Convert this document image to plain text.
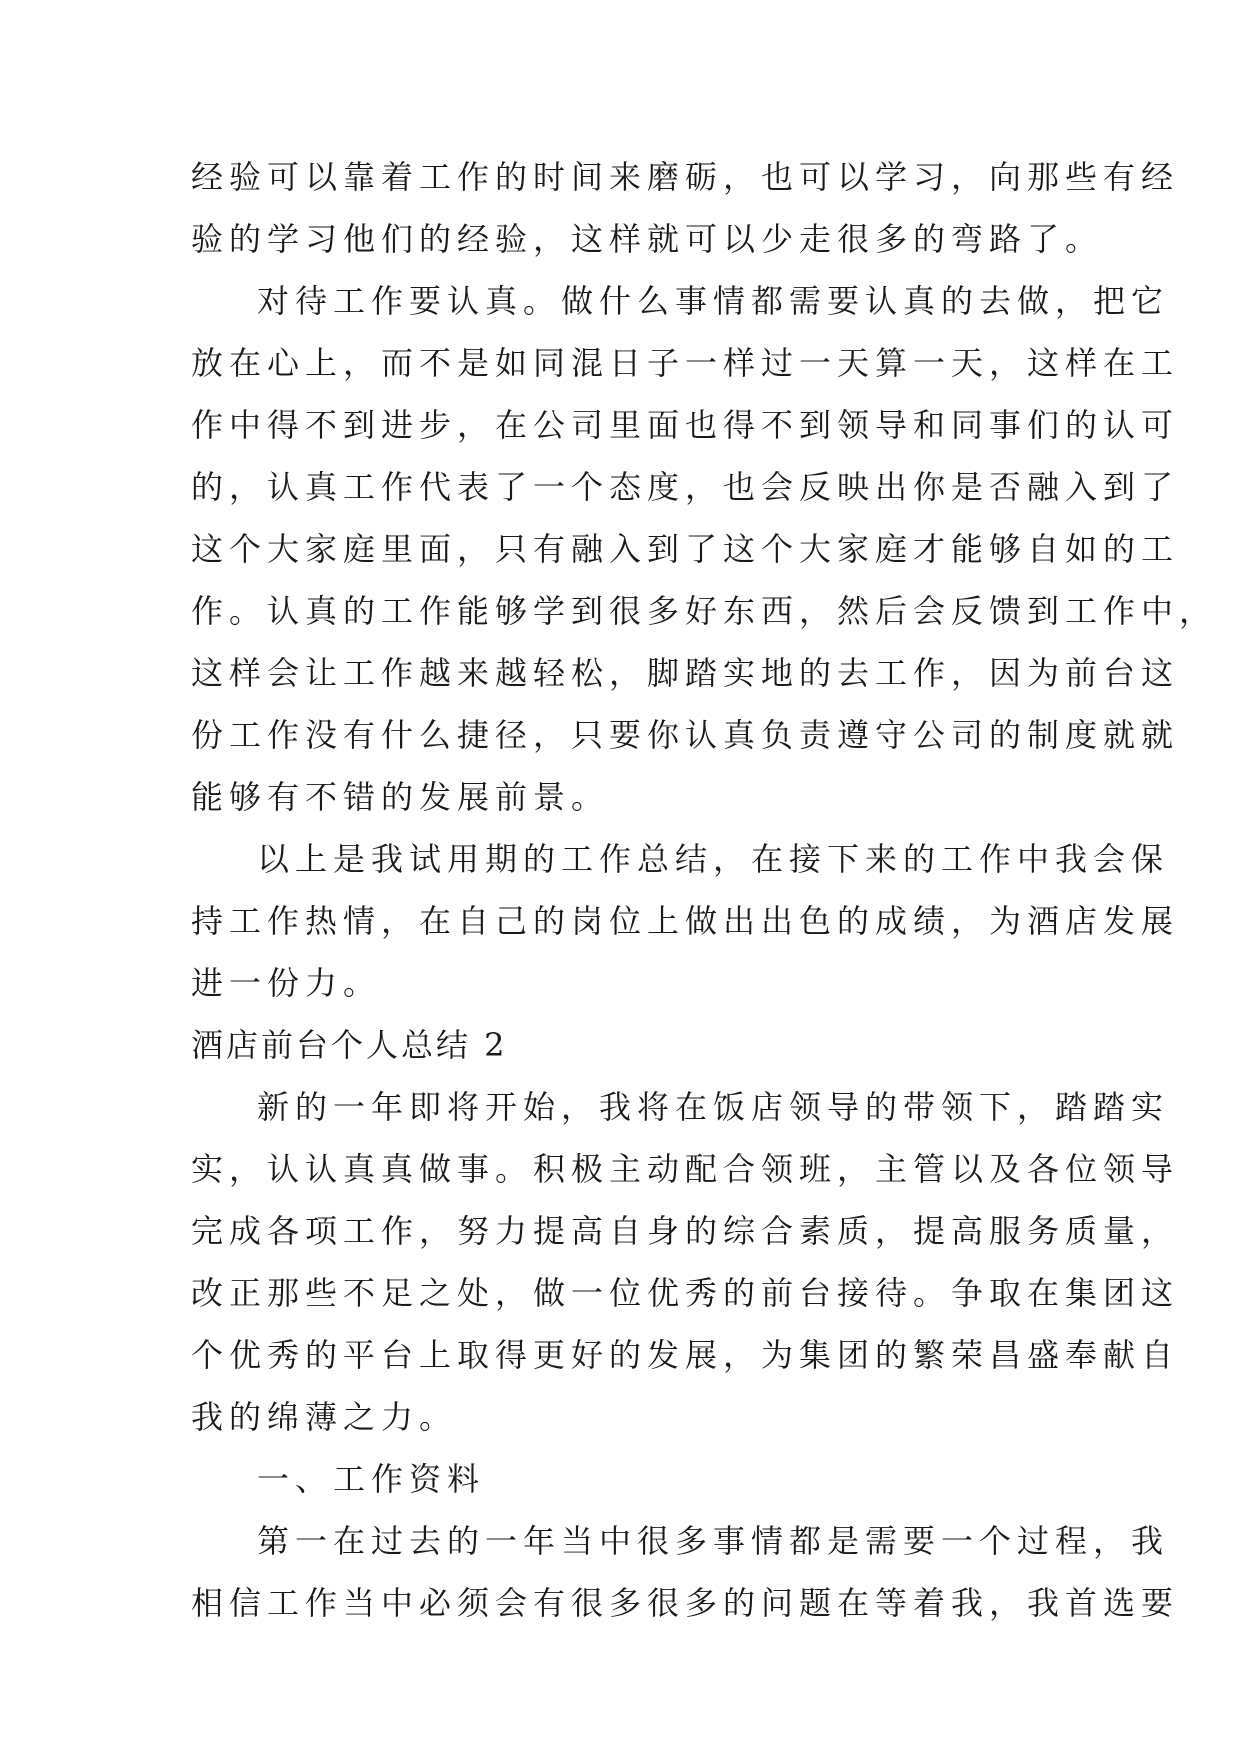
经验可以靠着工作的时间来磨砺，也可以学习，向那些有经
验的学习他们的经验，这样就可以少走很多的弯路了。
对待工作要认真。做什么事情都需要认真的去做，把它
放在心上，而不是如同混日子一样过一天算一天，这样在工
作中得不到进步，在公司里面也得不到领导和同事们的认可
的，认真工作代表了一个态度，也会反映出你是否融入到了
这个大家庭里面，只有融入到了这个大家庭才能够自如的工
作。认真的工作能够学到很多好东西，然后会反馈到工作中，
这样会让工作越来越轻松，脚踏实地的去工作，因为前台这
份工作没有什么捷径，只要你认真负责遵守公司的制度就就
能够有不错的发展前景。
以上是我试用期的工作总结，在接下来的工作中我会保
持工作热情，在自己的岗位上做出出色的成绩，为酒店发展
进一份力。
酒店前台个人总结 2
新的一年即将开始，我将在饭店领导的带领下，踏踏实
实，认认真真做事。积极主动配合领班，主管以及各位领导
完成各项工作，努力提高自身的综合素质，提高服务质量，
改正那些不足之处，做一位优秀的前台接待。争取在集团这
个优秀的平台上取得更好的发展，为集团的繁荣昌盛奉献自
我的绵薄之力。
一、工作资料
第一在过去的一年当中很多事情都是需要一个过程，我
相信工作当中必须会有很多很多的问题在等着我，我首选要
